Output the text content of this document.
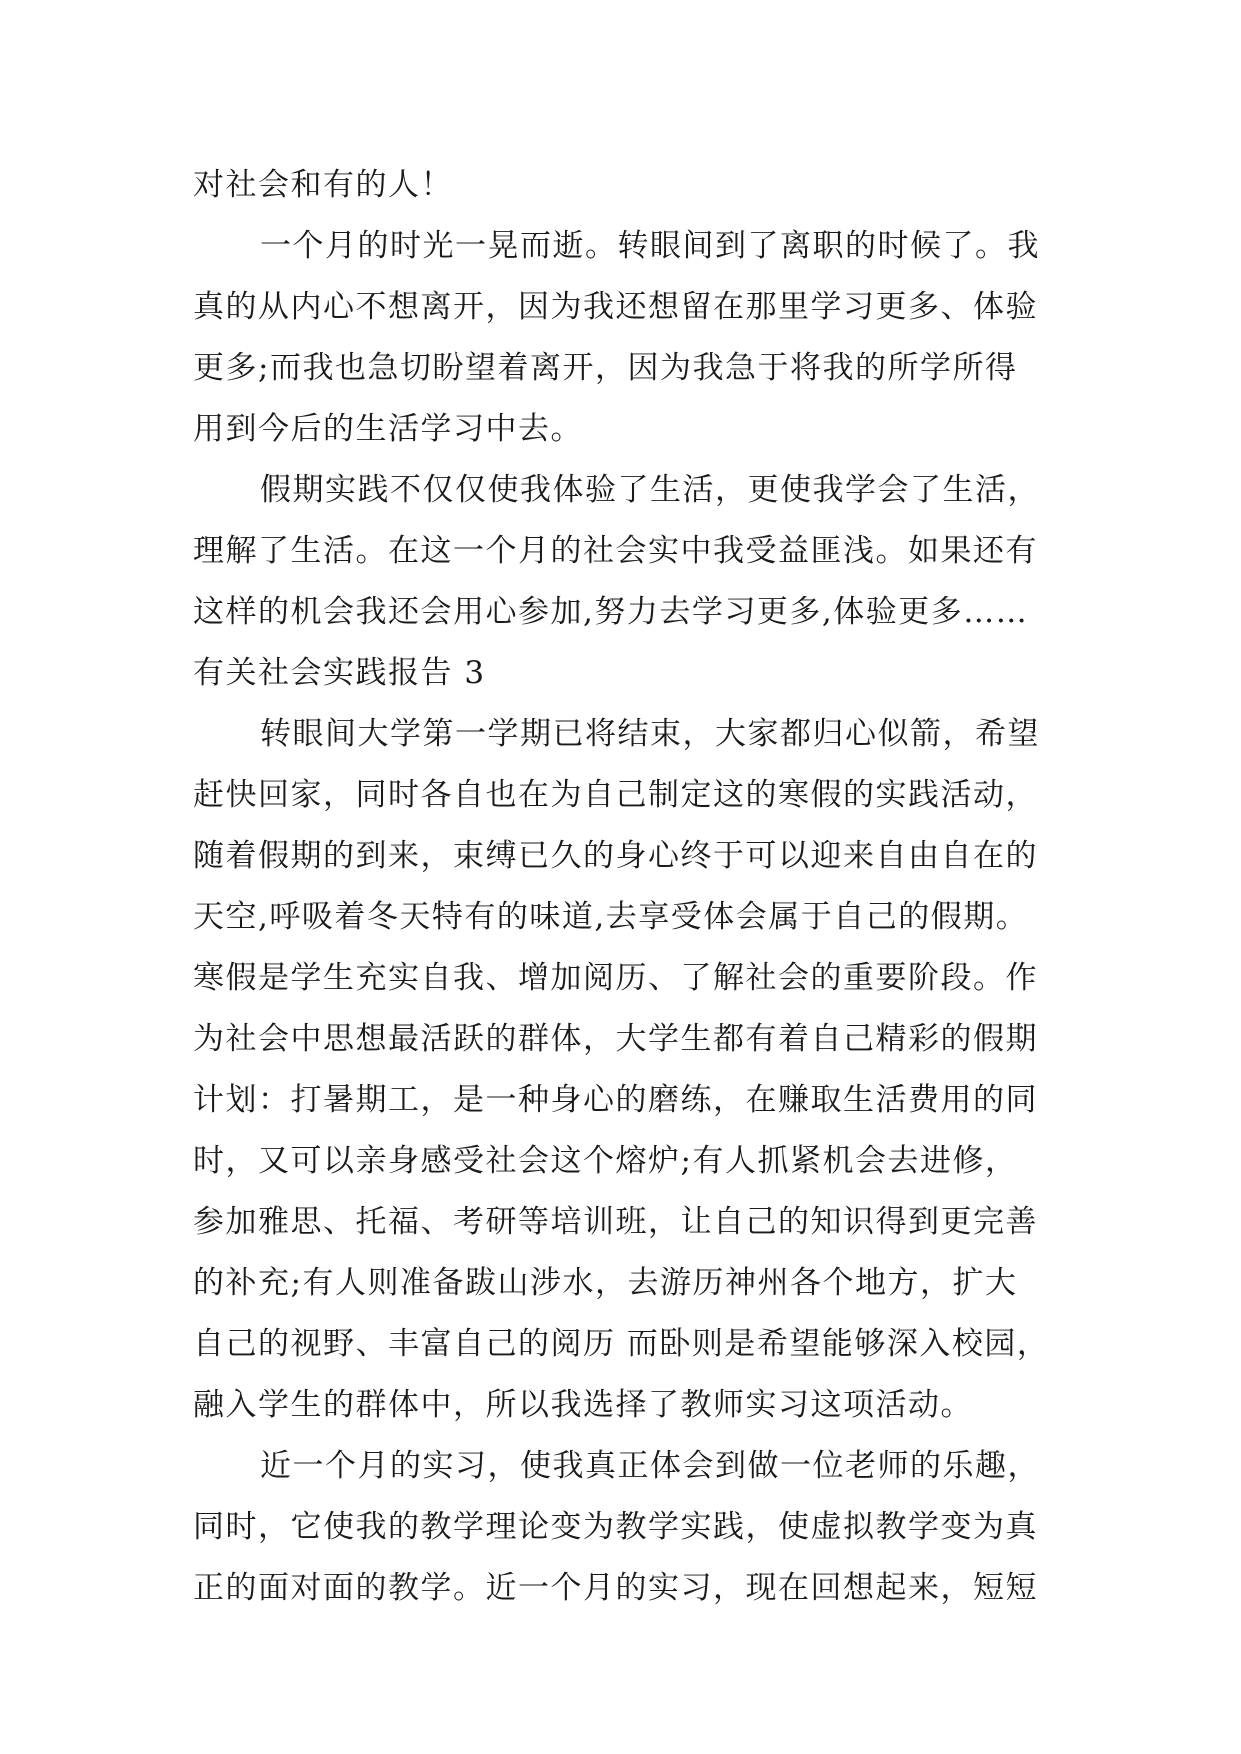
对社会和有的人！
一个月的时光一晃而逝。转眼间到了离职的时候了。我
真的从内心不想离开，因为我还想留在那里学习更多、体验
更多;而我也急切盼望着离开，因为我急于将我的所学所得
用到今后的生活学习中去。
假期实践不仅仅使我体验了生活，更使我学会了生活，
理解了生活。在这一个月的社会实中我受益匪浅。如果还有
这样的机会我还会用心参加,努力去学习更多,体验更多……
有关社会实践报告 3
转眼间大学第一学期已将结束，大家都归心似箭，希望
赶快回家，同时各自也在为自己制定这的寒假的实践活动，
随着假期的到来，束缚已久的身心终于可以迎来自由自在的
天空,呼吸着冬天特有的味道,去享受体会属于自己的假期。
寒假是学生充实自我、增加阅历、了解社会的重要阶段。作
为社会中思想最活跃的群体，大学生都有着自己精彩的假期
计划：打暑期工，是一种身心的磨练，在赚取生活费用的同
时，又可以亲身感受社会这个熔炉;有人抓紧机会去进修，
参加雅思、托福、考研等培训班，让自己的知识得到更完善
的补充;有人则准备跋山涉水，去游历神州各个地方，扩大
自己的视野、丰富自己的阅历 而卧则是希望能够深入校园，
融入学生的群体中，所以我选择了教师实习这项活动。
近一个月的实习，使我真正体会到做一位老师的乐趣，
同时，它使我的教学理论变为教学实践，使虚拟教学变为真
正的面对面的教学。近一个月的实习，现在回想起来，短短
